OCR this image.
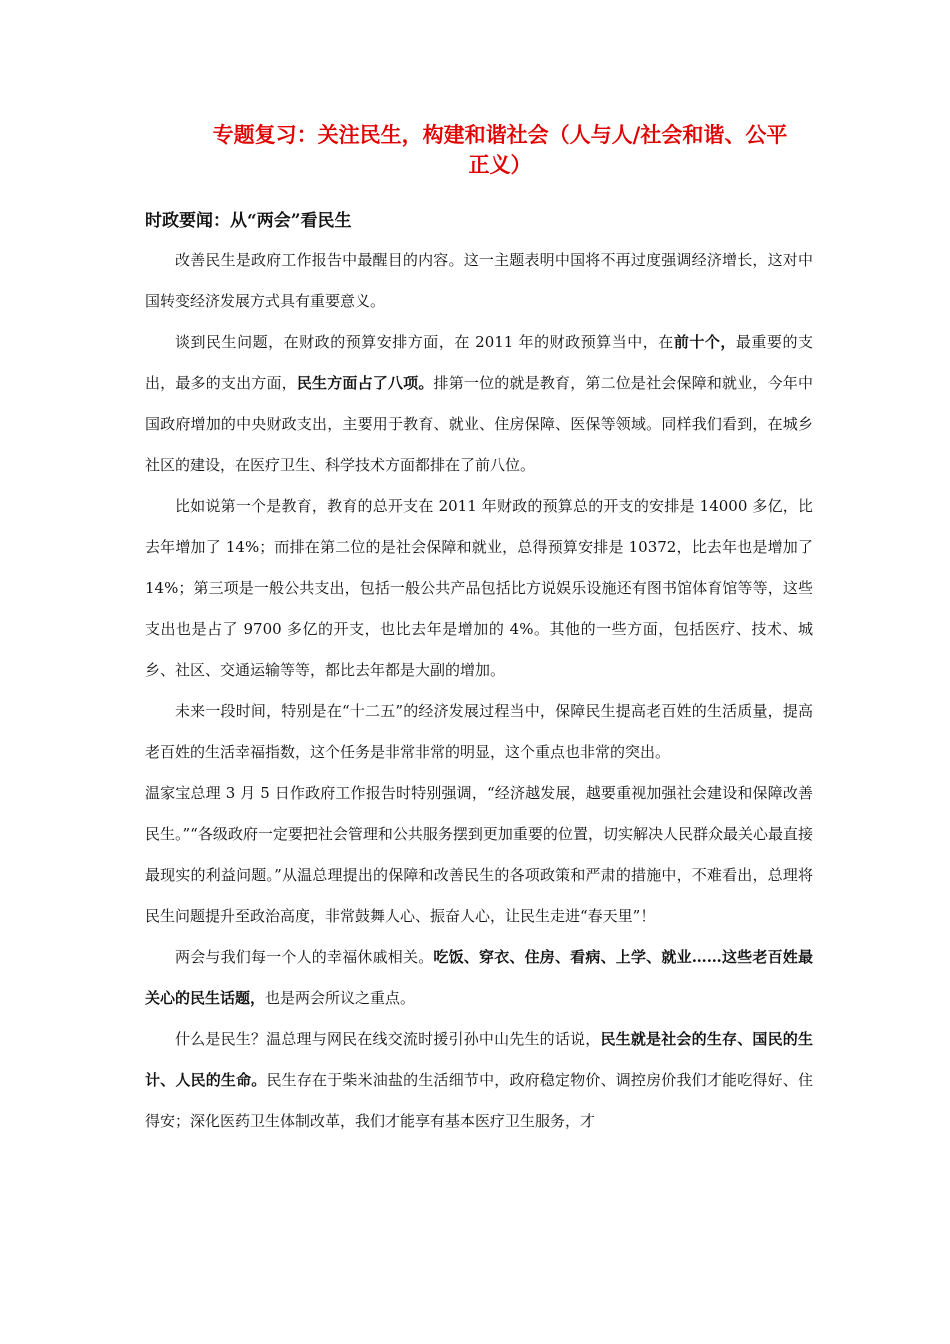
专题复习：关注民生，构建和谐社会（人与人/社会和谐、公平
正义）
时政要闻：从“两会”看民生

改善民生是政府工作报告中最醒目的内容。这一主题表明中国将不再过度强调经济增长，这对中国转变经济发展方式具有重要意义。

谈到民生问题，在财政的预算安排方面，在 2011 年的财政预算当中，在前十个，最重要的支出，最多的支出方面，民生方面占了八项。排第一位的就是教育，第二位是社会保障和就业，今年中国政府增加的中央财政支出，主要用于教育、就业、住房保障、医保等领域。同样我们看到，在城乡社区的建设，在医疗卫生、科学技术方面都排在了前八位。

比如说第一个是教育，教育的总开支在 2011 年财政的预算总的开支的安排是 14000 多亿，比去年增加了 14%；而排在第二位的是社会保障和就业，总得预算安排是 10372，比去年也是增加了 14%；第三项是一般公共支出，包括一般公共产品包括比方说娱乐设施还有图书馆体育馆等等，这些支出也是占了 9700 多亿的开支，也比去年是增加的 4%。其他的一些方面，包括医疗、技术、城乡、社区、交通运输等等，都比去年都是大副的增加。

未来一段时间，特别是在“十二五”的经济发展过程当中，保障民生提高老百姓的生活质量，提高老百姓的生活幸福指数，这个任务是非常非常的明显，这个重点也非常的突出。

温家宝总理 3 月 5 日作政府工作报告时特别强调，“经济越发展，越要重视加强社会建设和保障改善民生。”“各级政府一定要把社会管理和公共服务摆到更加重要的位置，切实解决人民群众最关心最直接最现实的利益问题。”从温总理提出的保障和改善民生的各项政策和严肃的措施中，不难看出，总理将民生问题提升至政治高度，非常鼓舞人心、振奋人心，让民生走进“春天里”！

两会与我们每一个人的幸福休戚相关。吃饭、穿衣、住房、看病、上学、就业……这些老百姓最关心的民生话题，也是两会所议之重点。

什么是民生？温总理与网民在线交流时援引孙中山先生的话说，民生就是社会的生存、国民的生计、人民的生命。民生存在于柴米油盐的生活细节中，政府稳定物价、调控房价我们才能吃得好、住得安；深化医药卫生体制改革，我们才能享有基本医疗卫生服务，才
